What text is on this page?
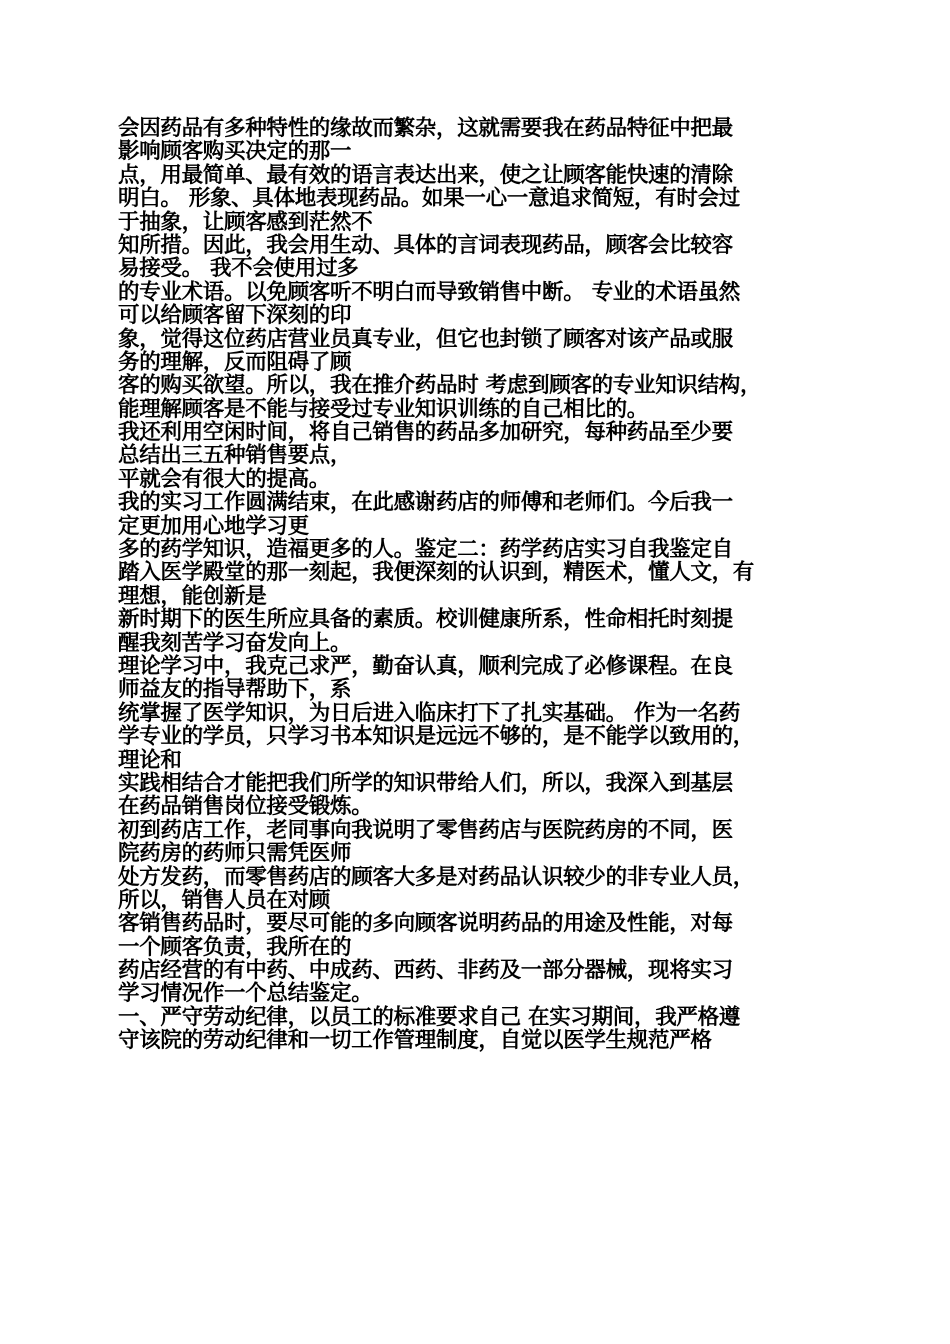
会因药品有多种特性的缘故而繁杂，这就需要我在药品特征中把最
影响顾客购买决定的那一
点，用最简单、最有效的语言表达出来，使之让顾客能快速的清除
明白。 形象、具体地表现药品。如果一心一意追求简短，有时会过
于抽象，让顾客感到茫然不
知所措。因此，我会用生动、具体的言词表现药品，顾客会比较容
易接受。 我不会使用过多
的专业术语。以免顾客听不明白而导致销售中断。 专业的术语虽然
可以给顾客留下深刻的印
象，觉得这位药店营业员真专业，但它也封锁了顾客对该产品或服
务的理解，反而阻碍了顾
客的购买欲望。所以，我在推介药品时 考虑到顾客的专业知识结构，
能理解顾客是不能与接受过专业知识训练的自己相比的。
我还利用空闲时间，将自己销售的药品多加研究，每种药品至少要
总结出三五种销售要点，
平就会有很大的提高。
我的实习工作圆满结束，在此感谢药店的师傅和老师们。今后我一
定更加用心地学习更
多的药学知识，造福更多的人。鉴定二：药学药店实习自我鉴定自
踏入医学殿堂的那一刻起，我便深刻的认识到，精医术，懂人文，有
理想，能创新是
新时期下的医生所应具备的素质。校训健康所系，性命相托时刻提
醒我刻苦学习奋发向上。
理论学习中，我克己求严，勤奋认真，顺利完成了必修课程。在良
师益友的指导帮助下，系
统掌握了医学知识，为日后进入临床打下了扎实基础。 作为一名药
学专业的学员，只学习书本知识是远远不够的，是不能学以致用的，
理论和
实践相结合才能把我们所学的知识带给人们，所以，我深入到基层
在药品销售岗位接受锻炼。
初到药店工作，老同事向我说明了零售药店与医院药房的不同，医
院药房的药师只需凭医师
处方发药，而零售药店的顾客大多是对药品认识较少的非专业人员，
所以，销售人员在对顾
客销售药品时，要尽可能的多向顾客说明药品的用途及性能，对每
一个顾客负责，我所在的
药店经营的有中药、中成药、西药、非药及一部分器械，现将实习
学习情况作一个总结鉴定。
一、严守劳动纪律，以员工的标准要求自己 在实习期间，我严格遵
守该院的劳动纪律和一切工作管理制度，自觉以医学生规范严格
